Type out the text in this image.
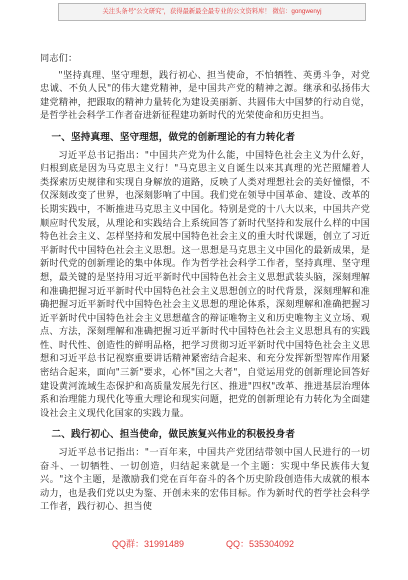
关注头条号"公文研究"，获得最新最全最专业的公文资料库！ 微信：gongwenyj

同志们：

"坚持真理、坚守理想，践行初心、担当使命，不怕牺牲、英勇斗争，对党忠诚、不负人民"的伟大建党精神，是中国共产党的精神之源。继承和弘扬伟大建党精神，把跟取的精神力量转化为建设美丽新、共圆伟大中国梦的行动自觉，是哲学社会科学工作者奋进新征程建功新时代的光荣使命和历史担当。

一、坚持真理、坚守理想，做党的创新理论的有力转化者

习近平总书记指出："中国共产党为什么能，中国特色社会主义为什么好，归根到底是因为马克思主义行！"马克思主义自诞生以来其真理的光芒照耀着人类探索历史规律和实现自身解放的道路，反映了人类对理想社会的美好憧憬，不仅深刻改变了世界，也深刻影响了中国。我们党在领导中国革命、建设、改革的长期实践中，不断推进马克思主义中国化。特别是党的十八大以来，中国共产党顺应时代发展，从理论和实践结合上系统回答了新时代坚持和发展什么样的中国特色社会主义、怎样坚持和发展中国特色社会主义的重大时代课题，创立了习近平新时代中国特色社会主义思想。这一思想是马克思主义中国化的最新成果，是新时代党的创新理论的集中体现。作为哲学社会科学工作者，坚持真理、坚守理想，最关键的是坚持用习近平新时代中国特色社会主义思想武装头脑，深刻理解和准确把握习近平新时代中国特色社会主义思想创立的时代背景，深刻理解和准确把握习近平新时代中国特色社会主义思想的理论体系，深刻理解和准确把握习近平新时代中国特色社会主义思想蕴含的辩证唯物主义和历史唯物主义立场、观点、方法，深刻理解和准确把握习近平新时代中国特色社会主义思想具有的实践性、时代性、创造性的鲜明品格，把学习贯彻习近平新时代中国特色社会主义思想和习近平总书记视察重要讲话精神紧密结合起来、和充分发挥新型智库作用紧密结合起来，面向"三新"要求，心怀"国之大者"，自觉运用党的创新理论回答好建设黄河流域生态保护和高质量发展先行区、推进"四权"改革、推进基层治理体系和治理能力现代化等重大理论和现实问题，把党的创新理论有力转化为全面建设社会主义现代化国家的实践力量。

二、践行初心、担当使命，做民族复兴伟业的积极投身者

习近平总书记指出："一百年来，中国共产党团结带领中国人民进行的一切奋斗、一切牺牲、一切创造，归结起来就是一个主题：实现中华民族伟大复兴。"这个主题，是激励我们党在百年奋斗的各个历史阶段创造伟大成就的根本动力，也是我们党以史为鉴、开创未来的宏伟目标。作为新时代的哲学社会科学工作者，践行初心、担当使

QQ群：31991489	QQ：535304092
